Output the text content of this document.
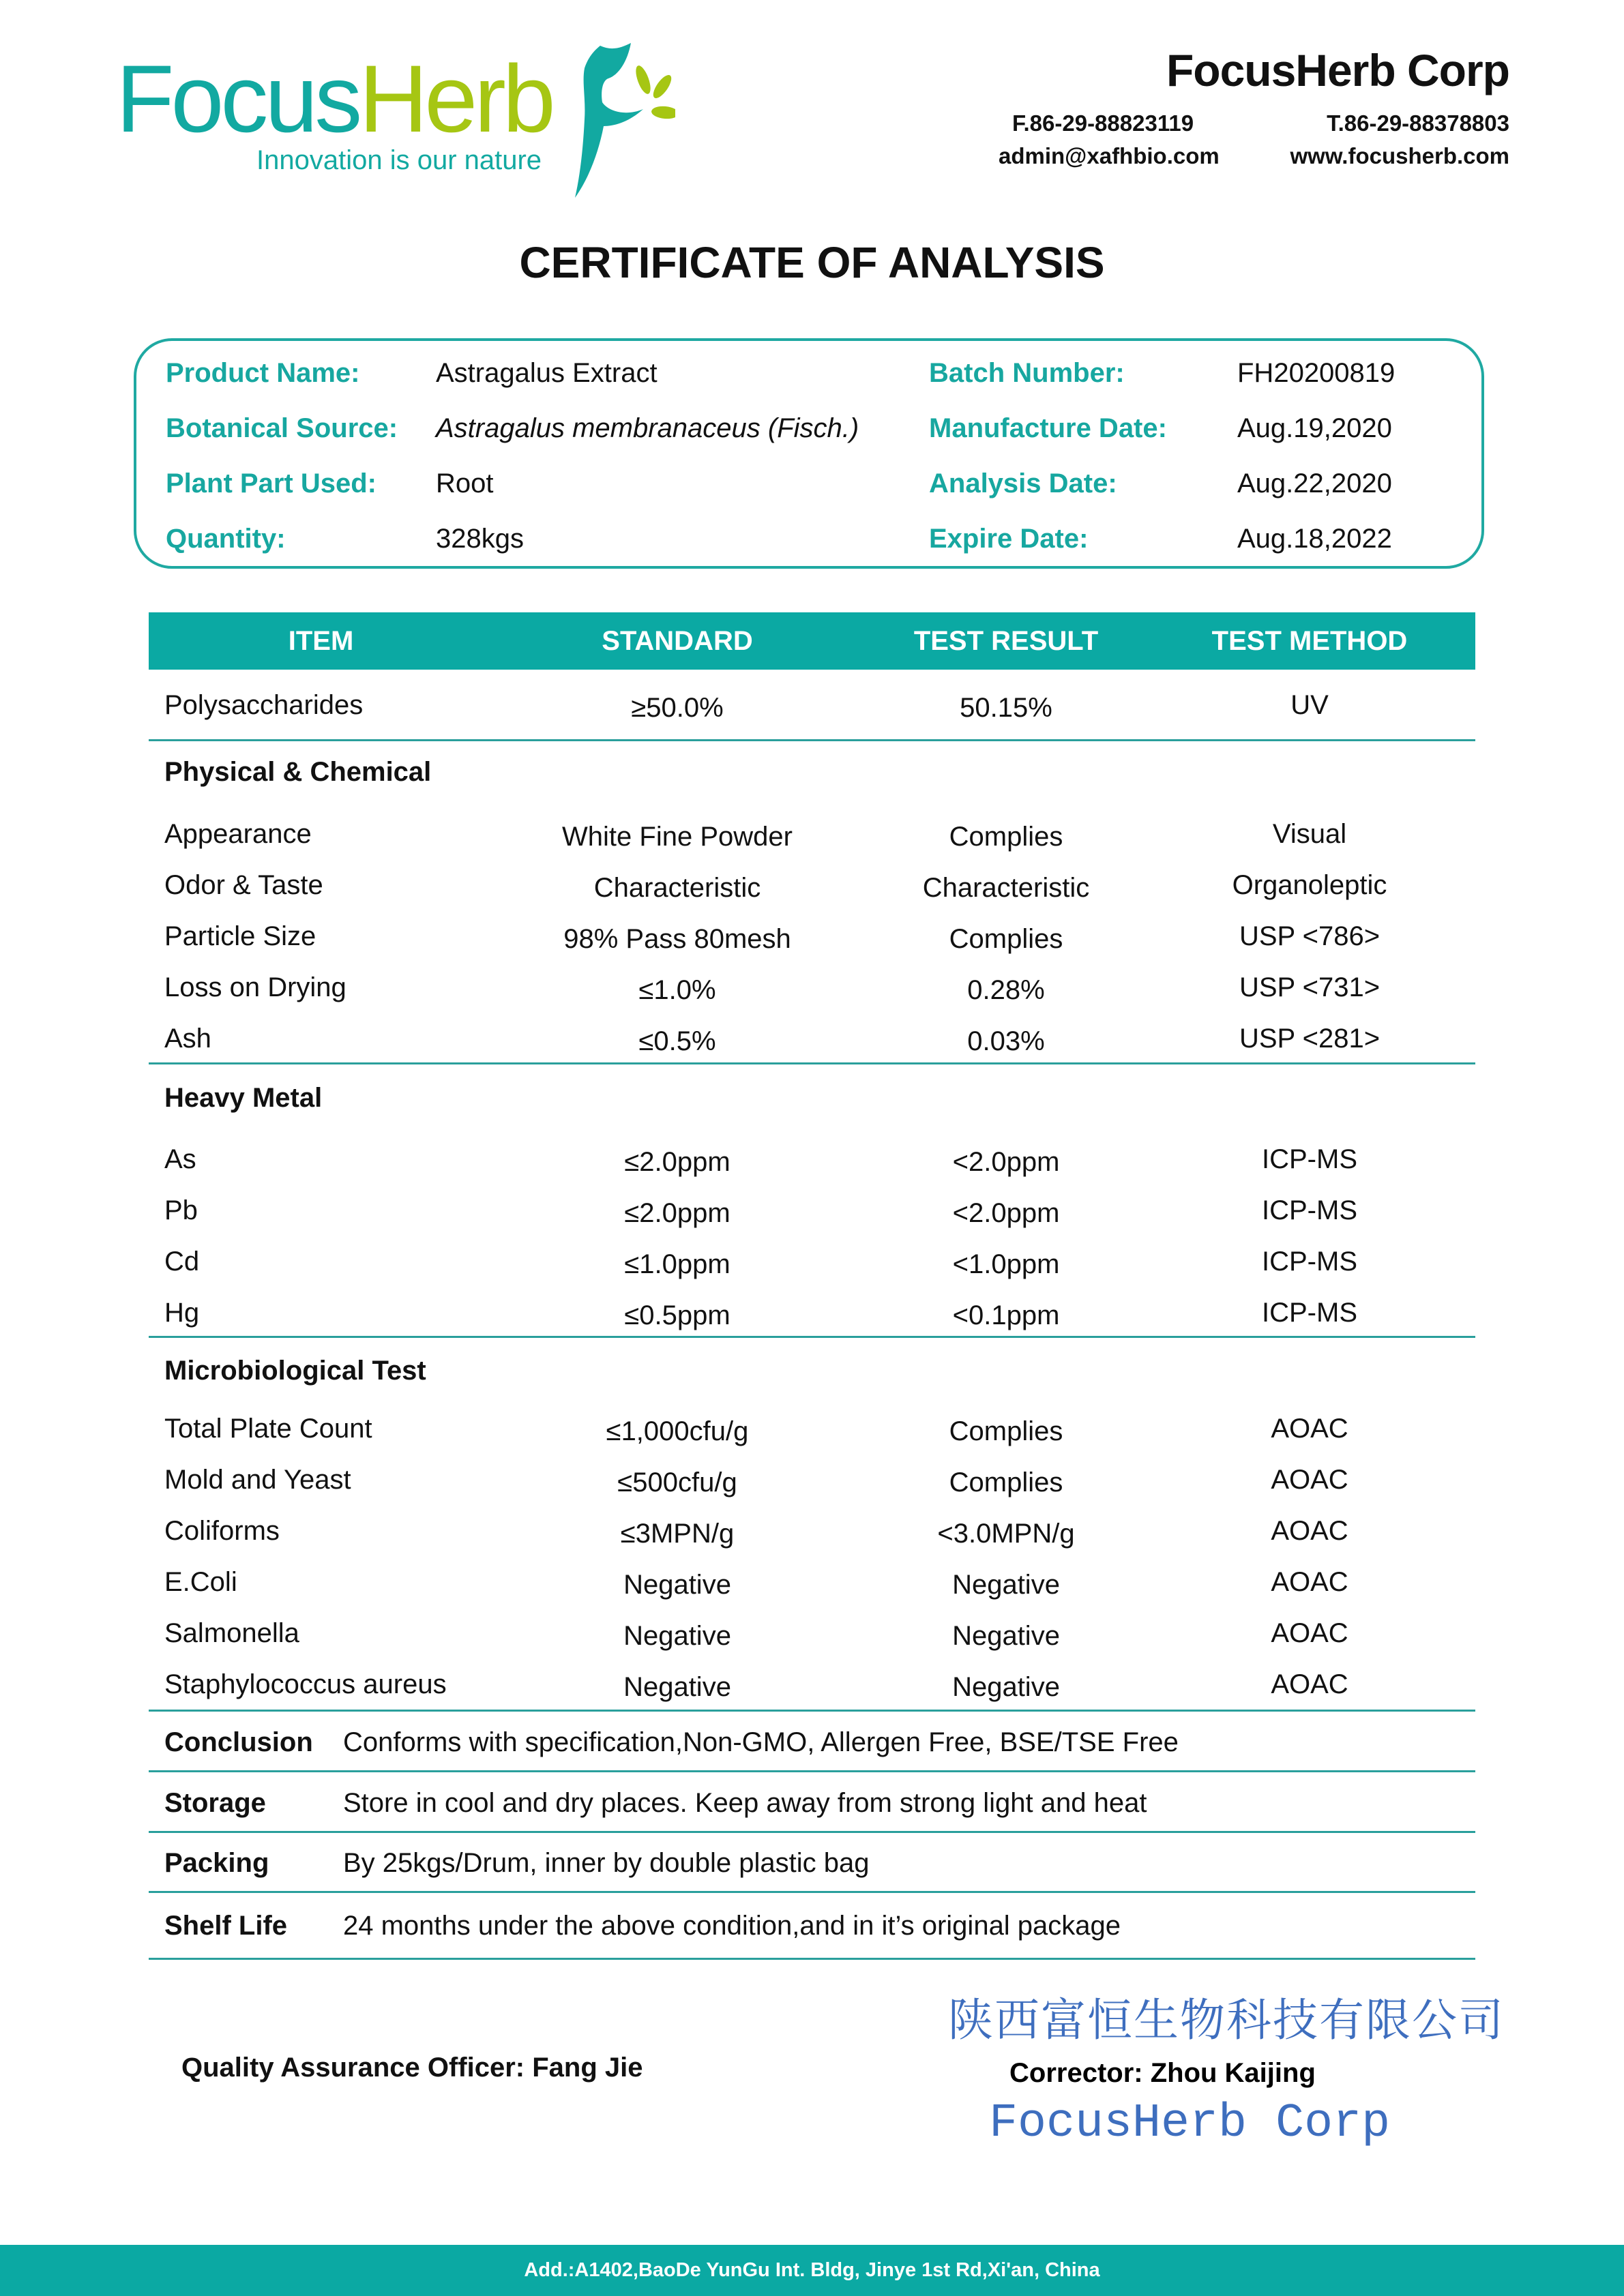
FocusHerb
Innovation is our nature
FocusHerb Corp
F.86-29-88823119	T.86-29-88378803
admin@xafhbio.com	www.focusherb.com
CERTIFICATE OF ANALYSIS
Product Name:	Astragalus Extract
Botanical Source: Astragalus membranaceus (Fisch.)
Plant Part Used: Root
Quantity:	328kgs
Batch Number:	FH20200819
Manufacture Date:	Aug.19,2020
Analysis Date:	Aug.22,2020
Expire Date:	Aug.18,2022
ITEM	STANDARD	TEST RESULT	TEST METHOD
Polysaccharides	≥50.0%	50.15%	UV
Physical & Chemical
Appearance	White Fine Powder	Complies	Visual
Odor & Taste	Characteristic	Characteristic	Organoleptic
Particle Size	98% Pass 80mesh	Complies	USP <786>
Loss on Drying	≤1.0%	0.28%	USP <731>
Ash	≤0.5%	0.03%	USP <281>
Heavy Metal
As	≤2.0ppm	<2.0ppm	ICP-MS
Pb	≤2.0ppm	<2.0ppm	ICP-MS
Cd	≤1.0ppm	<1.0ppm	ICP-MS
Hg	≤0.5ppm	<0.1ppm	ICP-MS
Microbiological Test
Total Plate Count	≤1,000cfu/g	Complies	AOAC
Mold and Yeast	≤500cfu/g	Complies	AOAC
Coliforms	≤3MPN/g	<3.0MPN/g	AOAC
E.Coli	Negative	Negative	AOAC
Salmonella	Negative	Negative	AOAC
Staphylococcus aureus	Negative	Negative	AOAC
Conclusion Conforms with specification,Non-GMO, Allergen Free, BSE/TSE Free
Storage	Store in cool and dry places. Keep away from strong light and heat
Packing	By 25kgs/Drum, inner by double plastic bag
Shelf Life 24 months under the above condition,and in it’s original package
Quality Assurance Officer: Fang Jie
陕西富恒生物科技有限公司
FocusHerb Corp
Corrector: Zhou Kaijing
Add.:A1402,BaoDe YunGu Int. Bldg, Jinye 1st Rd,Xi'an, China
